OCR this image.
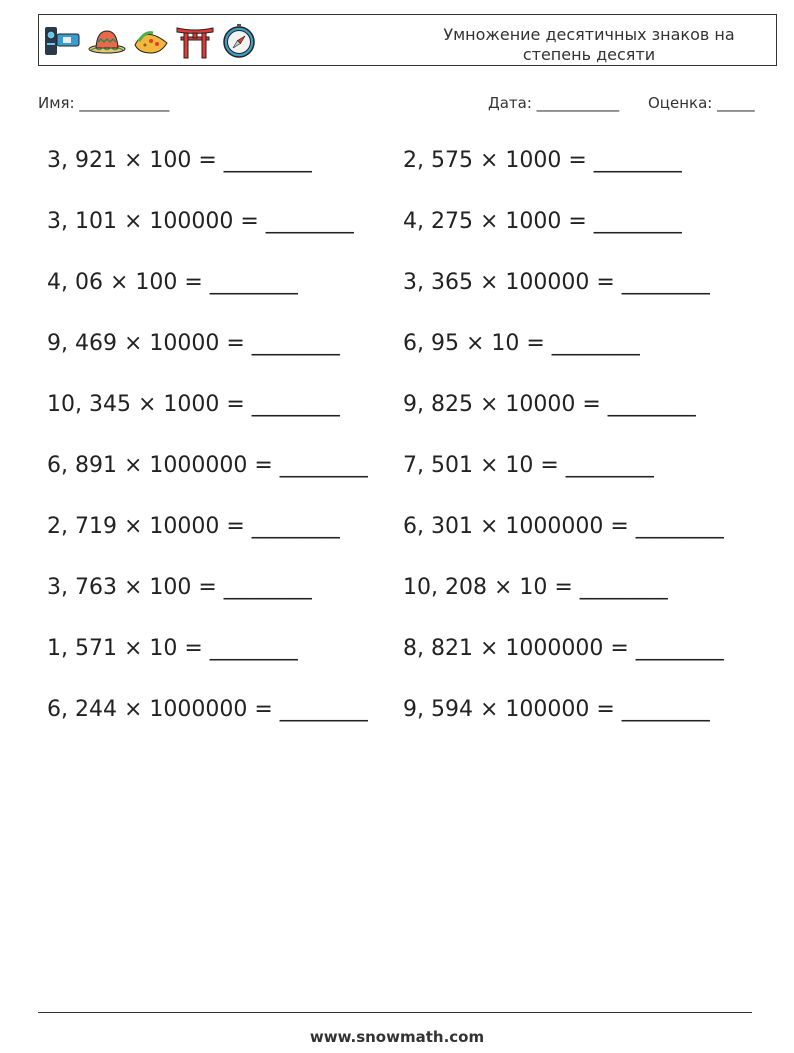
Умножение десятичных знаков на
степень десяти
Имя: ____________	Дата: ___________ Оценка: _____
3, 921 × 100 = ________
3, 101 × 100000 = ________
4, 06 × 100 = ________
9, 469 × 10000 = ________
10, 345 × 1000 = ________
6, 891 × 1000000 = ________
2, 719 × 10000 = ________
3, 763 × 100 = ________
1, 571 × 10 = ________
6, 244 × 1000000 = ________
2, 575 × 1000 = ________
4, 275 × 1000 = ________
3, 365 × 100000 = ________
6, 95 × 10 = ________
9, 825 × 10000 = ________
7, 501 × 10 = ________
6, 301 × 1000000 = ________
10, 208 × 10 = ________
8, 821 × 1000000 = ________
9, 594 × 100000 = ________
www.snowmath.com
